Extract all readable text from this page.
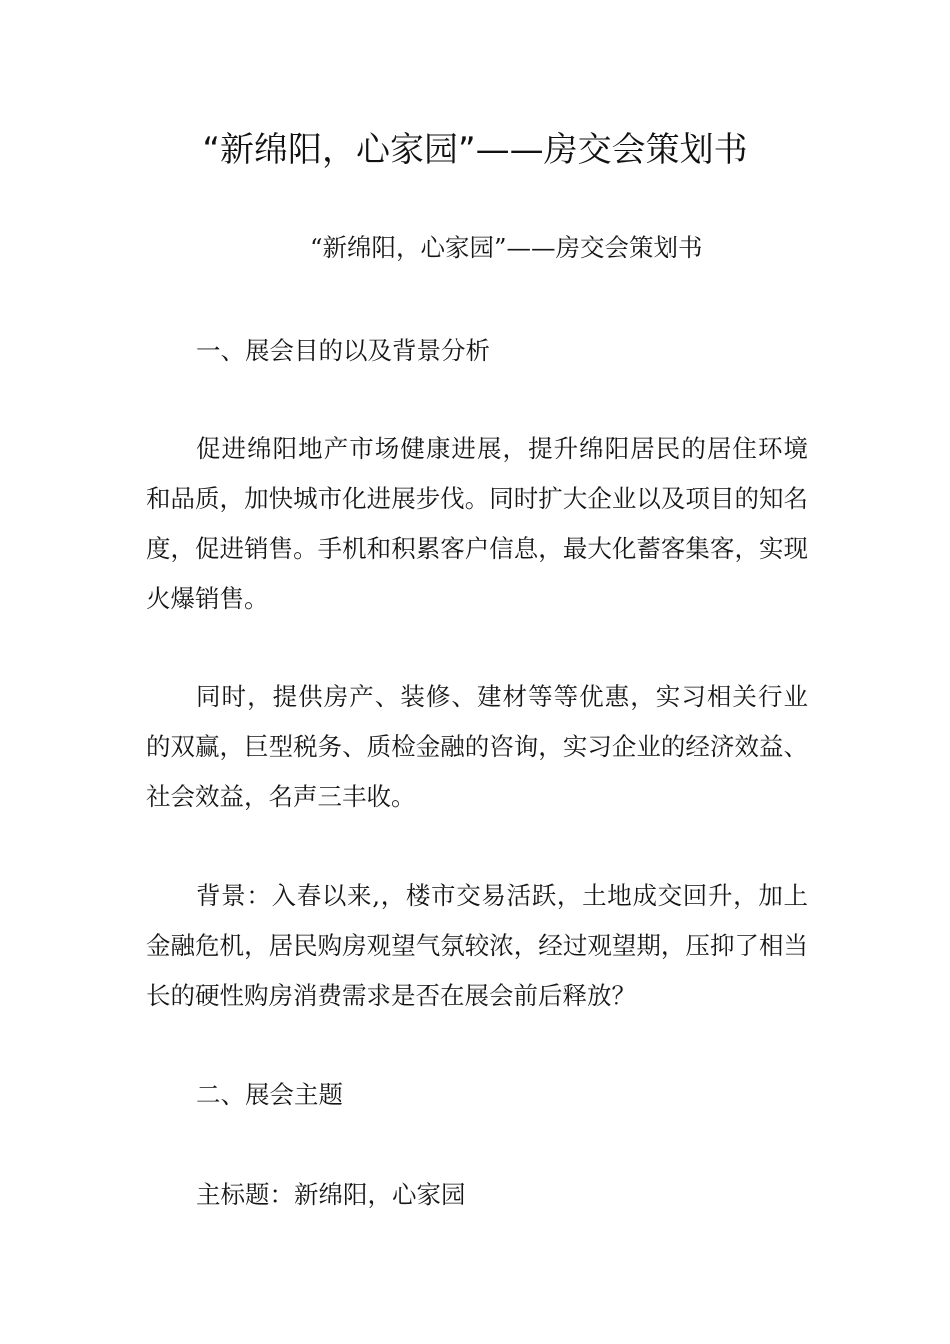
“新绵阳，心家园”——房交会策划书

“新绵阳，心家园”——房交会策划书

一、展会目的以及背景分析

促进绵阳地产市场健康进展，提升绵阳居民的居住环境和品质，加快城市化进展步伐。同时扩大企业以及项目的知名度，促进销售。手机和积累客户信息，最大化蓄客集客，实现火爆销售。

同时，提供房产、装修、建材等等优惠，实习相关行业的双赢，巨型税务、质检金融的咨询，实习企业的经济效益、社会效益，名声三丰收。

背景：入春以来,，楼市交易活跃，土地成交回升，加上金融危机，居民购房观望气氛较浓，经过观望期，压抑了相当长的硬性购房消费需求是否在展会前后释放？

二、展会主题

主标题：新绵阳，心家园
